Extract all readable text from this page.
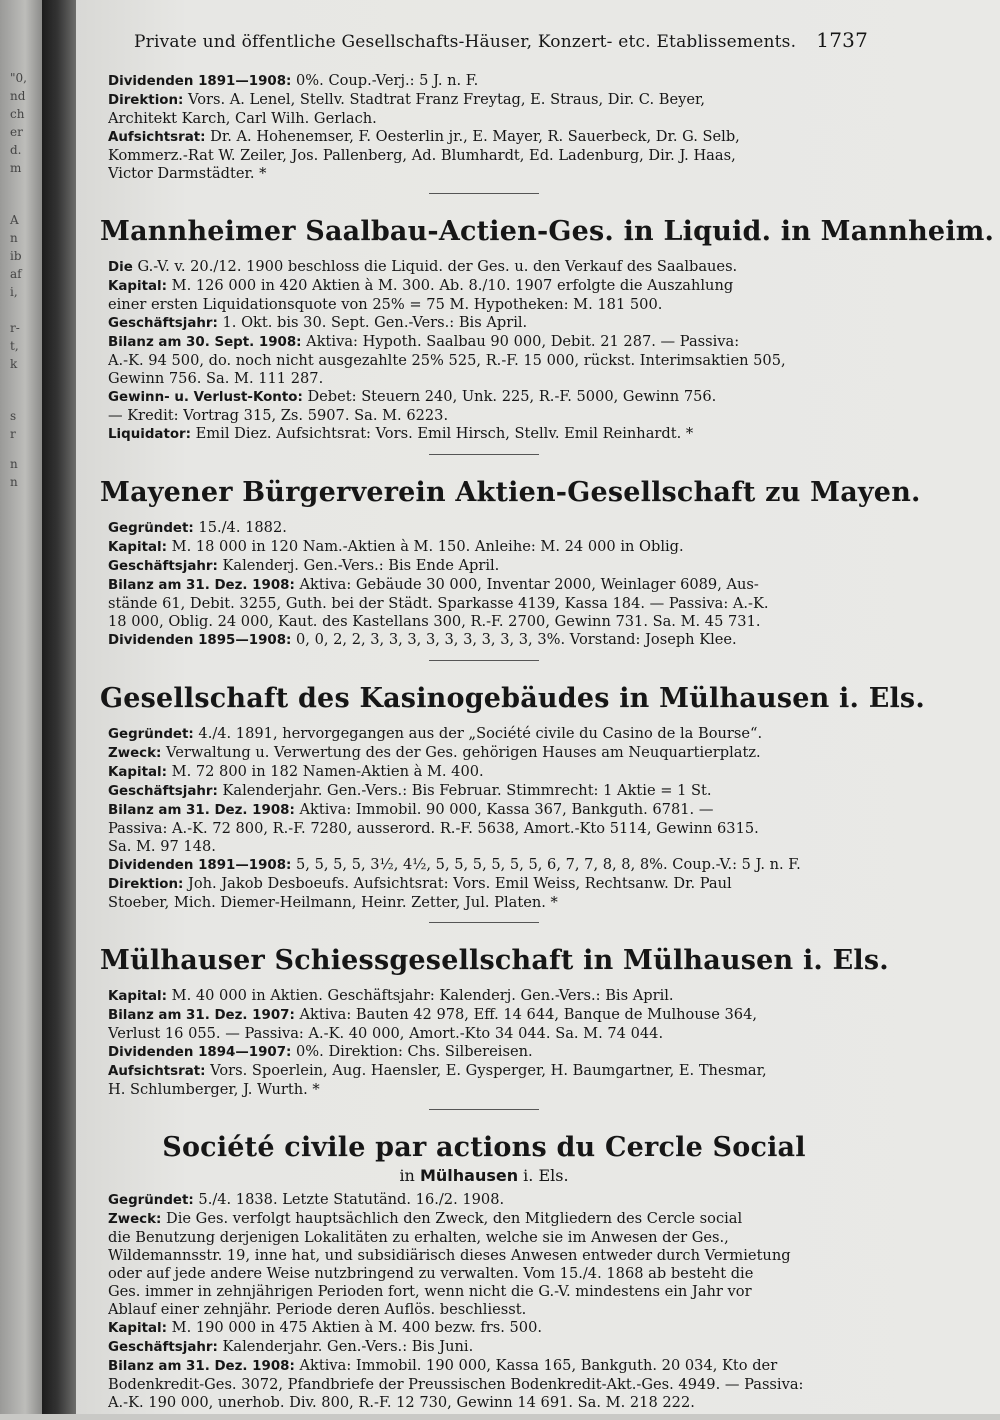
"0,
nd
ch
er
d.
m
A
n
ib
af
i,
r-
t,
k
s
r
n
n
Private und öffentliche Gesellschafts-Häuser, Konzert- etc. Etablissements. 1737
Dividenden 1891—1908: 0%. Coup.-Verj.: 5 J. n. F.
Direktion: Vors. A. Lenel, Stellv. Stadtrat Franz Freytag, E. Straus, Dir. C. Beyer,
Architekt Karch, Carl Wilh. Gerlach.
Aufsichtsrat: Dr. A. Hohenemser, F. Oesterlin jr., E. Mayer, R. Sauerbeck, Dr. G. Selb,
Kommerz.-Rat W. Zeiler, Jos. Pallenberg, Ad. Blumhardt, Ed. Ladenburg, Dir. J. Haas,
Victor Darmstädter. *
Mannheimer Saalbau-Actien-Ges. in Liquid. in Mannheim.
Die G.-V. v. 20./12. 1900 beschloss die Liquid. der Ges. u. den Verkauf des Saalbaues.
Kapital: M. 126 000 in 420 Aktien à M. 300. Ab. 8./10. 1907 erfolgte die Auszahlung
einer ersten Liquidationsquote von 25% = 75 M. Hypotheken: M. 181 500.
Geschäftsjahr: 1. Okt. bis 30. Sept. Gen.-Vers.: Bis April.
Bilanz am 30. Sept. 1908: Aktiva: Hypoth. Saalbau 90 000, Debit. 21 287. — Passiva:
A.-K. 94 500, do. noch nicht ausgezahlte 25% 525, R.-F. 15 000, rückst. Interimsaktien 505,
Gewinn 756. Sa. M. 111 287.
Gewinn- u. Verlust-Konto: Debet: Steuern 240, Unk. 225, R.-F. 5000, Gewinn 756.
— Kredit: Vortrag 315, Zs. 5907. Sa. M. 6223.
Liquidator: Emil Diez. Aufsichtsrat: Vors. Emil Hirsch, Stellv. Emil Reinhardt. *
Mayener Bürgerverein Aktien-Gesellschaft zu Mayen.
Gegründet: 15./4. 1882.
Kapital: M. 18 000 in 120 Nam.-Aktien à M. 150. Anleihe: M. 24 000 in Oblig.
Geschäftsjahr: Kalenderj. Gen.-Vers.: Bis Ende April.
Bilanz am 31. Dez. 1908: Aktiva: Gebäude 30 000, Inventar 2000, Weinlager 6089, Aus-
stände 61, Debit. 3255, Guth. bei der Städt. Sparkasse 4139, Kassa 184. — Passiva: A.-K.
18 000, Oblig. 24 000, Kaut. des Kastellans 300, R.-F. 2700, Gewinn 731. Sa. M. 45 731.
Dividenden 1895—1908: 0, 0, 2, 2, 3, 3, 3, 3, 3, 3, 3, 3, 3, 3%. Vorstand: Joseph Klee.
Gesellschaft des Kasinogebäudes in Mülhausen i. Els.
Gegründet: 4./4. 1891, hervorgegangen aus der „Société civile du Casino de la Bourse“.
Zweck: Verwaltung u. Verwertung des der Ges. gehörigen Hauses am Neuquartierplatz.
Kapital: M. 72 800 in 182 Namen-Aktien à M. 400.
Geschäftsjahr: Kalenderjahr. Gen.-Vers.: Bis Februar. Stimmrecht: 1 Aktie = 1 St.
Bilanz am 31. Dez. 1908: Aktiva: Immobil. 90 000, Kassa 367, Bankguth. 6781. —
Passiva: A.-K. 72 800, R.-F. 7280, ausserord. R.-F. 5638, Amort.-Kto 5114, Gewinn 6315.
Sa. M. 97 148.
Dividenden 1891—1908: 5, 5, 5, 5, 3½, 4½, 5, 5, 5, 5, 5, 5, 6, 7, 7, 8, 8, 8%. Coup.-V.: 5 J. n. F.
Direktion: Joh. Jakob Desboeufs. Aufsichtsrat: Vors. Emil Weiss, Rechtsanw. Dr. Paul
Stoeber, Mich. Diemer-Heilmann, Heinr. Zetter, Jul. Platen. *
Mülhauser Schiessgesellschaft in Mülhausen i. Els.
Kapital: M. 40 000 in Aktien. Geschäftsjahr: Kalenderj. Gen.-Vers.: Bis April.
Bilanz am 31. Dez. 1907: Aktiva: Bauten 42 978, Eff. 14 644, Banque de Mulhouse 364,
Verlust 16 055. — Passiva: A.-K. 40 000, Amort.-Kto 34 044. Sa. M. 74 044.
Dividenden 1894—1907: 0%. Direktion: Chs. Silbereisen.
Aufsichtsrat: Vors. Spoerlein, Aug. Haensler, E. Gysperger, H. Baumgartner, E. Thesmar,
H. Schlumberger, J. Wurth. *
Société civile par actions du Cercle Social
in Mülhausen i. Els.
Gegründet: 5./4. 1838. Letzte Statutänd. 16./2. 1908.
Zweck: Die Ges. verfolgt hauptsächlich den Zweck, den Mitgliedern des Cercle social
die Benutzung derjenigen Lokalitäten zu erhalten, welche sie im Anwesen der Ges.,
Wildemannsstr. 19, inne hat, und subsidiärisch dieses Anwesen entweder durch Vermietung
oder auf jede andere Weise nutzbringend zu verwalten. Vom 15./4. 1868 ab besteht die
Ges. immer in zehnjährigen Perioden fort, wenn nicht die G.-V. mindestens ein Jahr vor
Ablauf einer zehnjähr. Periode deren Auflös. beschliesst.
Kapital: M. 190 000 in 475 Aktien à M. 400 bezw. frs. 500.
Geschäftsjahr: Kalenderjahr. Gen.-Vers.: Bis Juni.
Bilanz am 31. Dez. 1908: Aktiva: Immobil. 190 000, Kassa 165, Bankguth. 20 034, Kto der
Bodenkredit-Ges. 3072, Pfandbriefe der Preussischen Bodenkredit-Akt.-Ges. 4949. — Passiva:
A.-K. 190 000, unerhob. Div. 800, R.-F. 12 730, Gewinn 14 691. Sa. M. 218 222.
